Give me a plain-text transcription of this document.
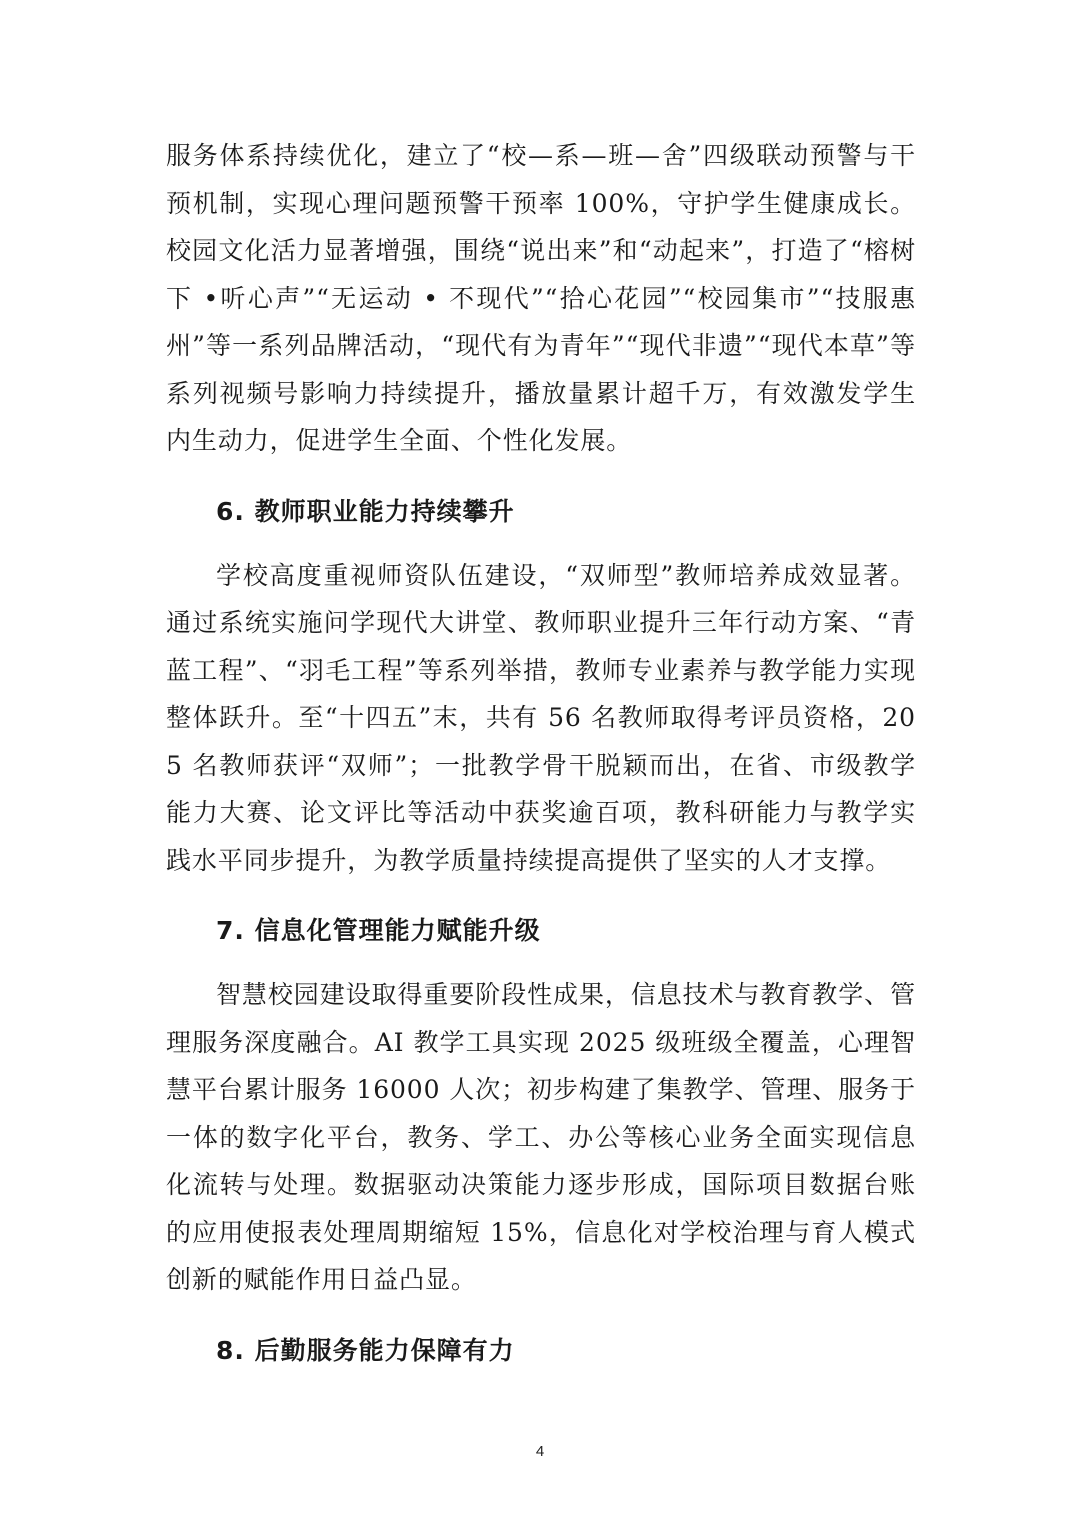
服务体系持续优化，建立了“校—系—班—舍”四级联动预警与干预机制，实现心理问题预警干预率 100%，守护学生健康成长。校园文化活力显著增强，围绕“说出来”和“动起来”，打造了“榕树下 •听心声”“无运动 • 不现代”“拾心花园”“校园集市”“技服惠州”等一系列品牌活动，“现代有为青年”“现代非遗”“现代本草”等系列视频号影响力持续提升，播放量累计超千万，有效激发学生内生动力，促进学生全面、个性化发展。

6. 教师职业能力持续攀升

学校高度重视师资队伍建设，“双师型”教师培养成效显著。通过系统实施问学现代大讲堂、教师职业提升三年行动方案、“青蓝工程”、“羽毛工程”等系列举措，教师专业素养与教学能力实现整体跃升。至“十四五”末，共有 56 名教师取得考评员资格，205 名教师获评“双师”；一批教学骨干脱颖而出，在省、市级教学能力大赛、论文评比等活动中获奖逾百项，教科研能力与教学实践水平同步提升，为教学质量持续提高提供了坚实的人才支撑。

7. 信息化管理能力赋能升级

智慧校园建设取得重要阶段性成果，信息技术与教育教学、管理服务深度融合。AI 教学工具实现 2025 级班级全覆盖，心理智慧平台累计服务 16000 人次；初步构建了集教学、管理、服务于一体的数字化平台，教务、学工、办公等核心业务全面实现信息化流转与处理。数据驱动决策能力逐步形成，国际项目数据台账的应用使报表处理周期缩短 15%，信息化对学校治理与育人模式创新的赋能作用日益凸显。

8. 后勤服务能力保障有力
4
